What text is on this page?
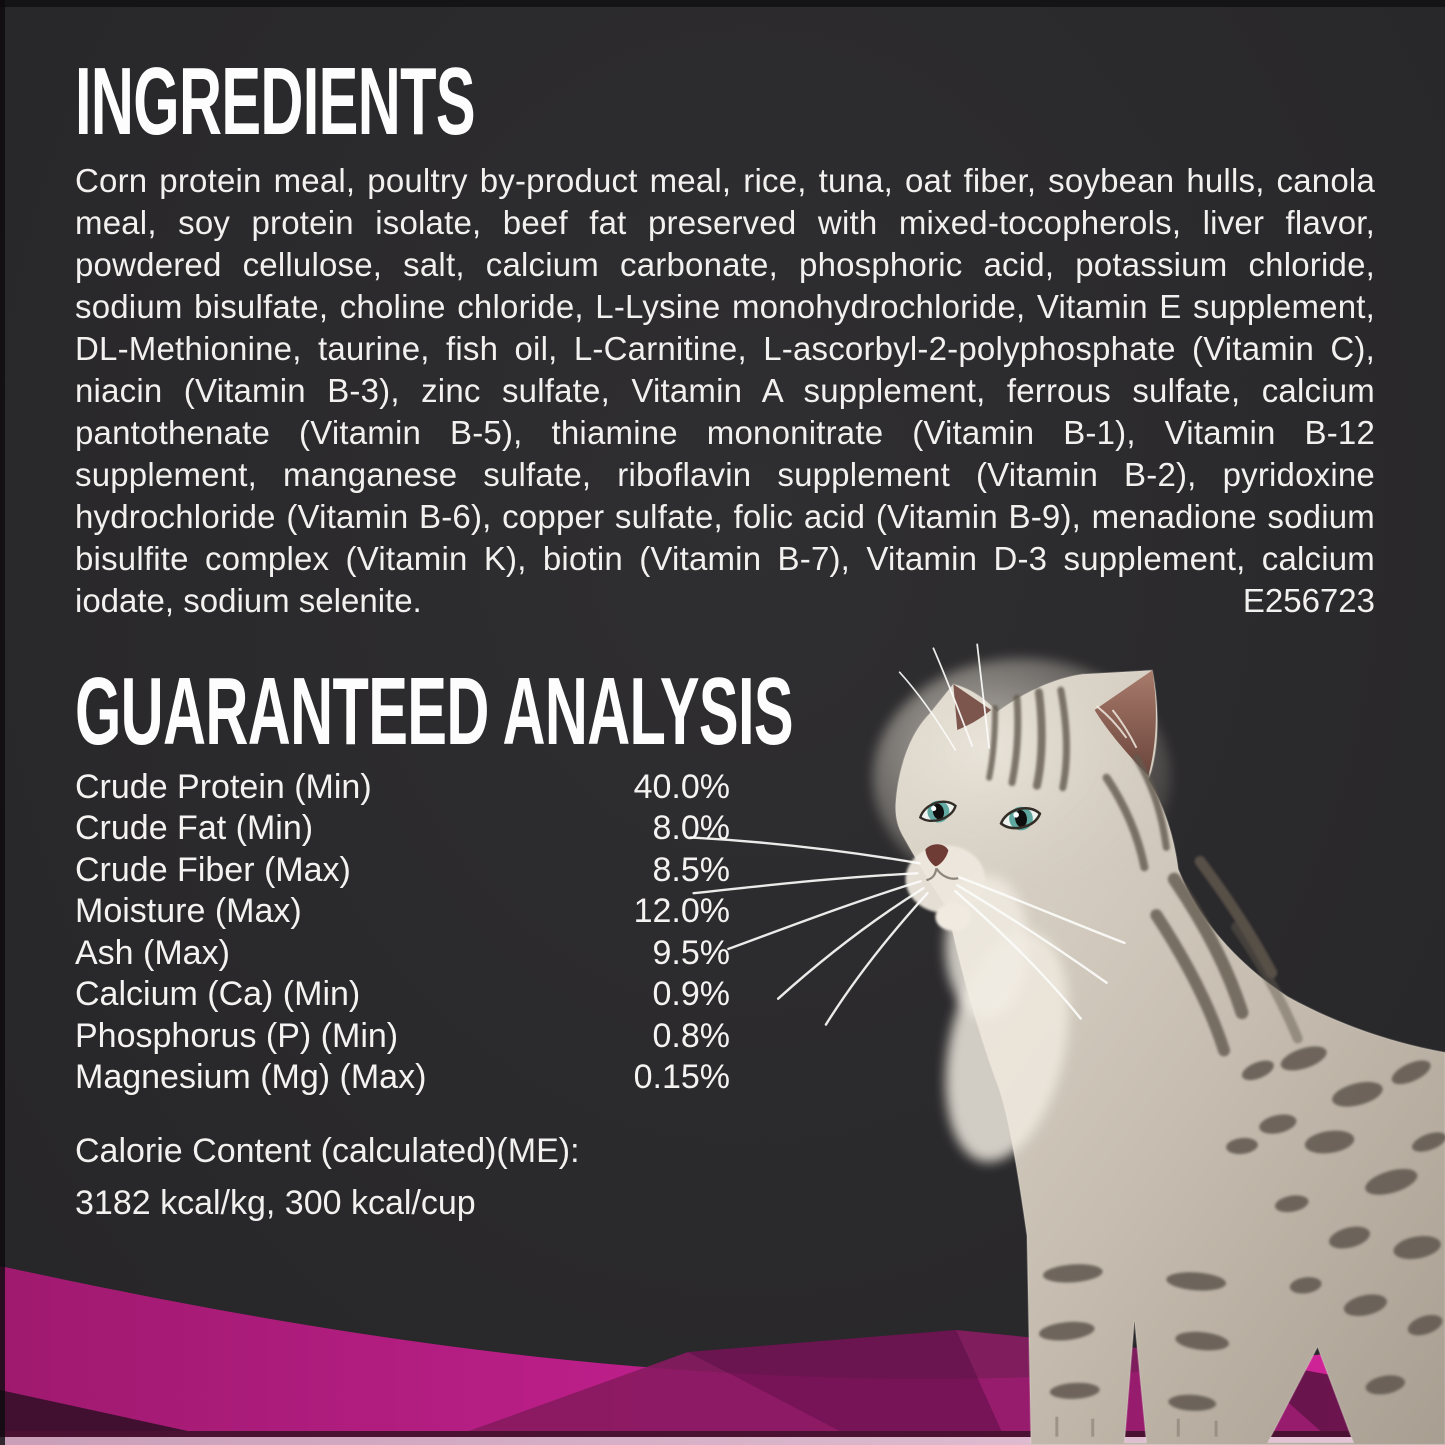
INGREDIENTS

Corn protein meal, poultry by-product meal, rice, tuna, oat fiber, soybean hulls, canola meal, soy protein isolate, beef fat preserved with mixed-tocopherols, liver flavor, powdered cellulose, salt, calcium carbonate, phosphoric acid, potassium chloride, sodium bisulfate, choline chloride, L-Lysine monohydrochloride, Vitamin E supplement, DL-Methionine, taurine, fish oil, L-Carnitine, L-ascorbyl-2-polyphosphate (Vitamin C), niacin (Vitamin B-3), zinc sulfate, Vitamin A supplement, ferrous sulfate, calcium pantothenate (Vitamin B-5), thiamine mononitrate (Vitamin B-1), Vitamin B-12 supplement, manganese sulfate, riboflavin supplement (Vitamin B-2), pyridoxine hydrochloride (Vitamin B-6), copper sulfate, folic acid (Vitamin B-9), menadione sodium bisulfite complex (Vitamin K), biotin (Vitamin B-7), Vitamin D-3 supplement, calcium

iodate, sodium selenite.	E256723
GUARANTEED ANALYSIS
Crude Protein (Min)	40.0%
Crude Fat (Min)	8.0%
Crude Fiber (Max)	8.5%
Moisture (Max)	12.0%
Ash (Max)	9.5%
Calcium (Ca) (Min)	0.9%
Phosphorus (P) (Min)	0.8%
Magnesium (Mg) (Max)	0.15%
Calorie Content (calculated)(ME):
3182 kcal/kg, 300 kcal/cup
